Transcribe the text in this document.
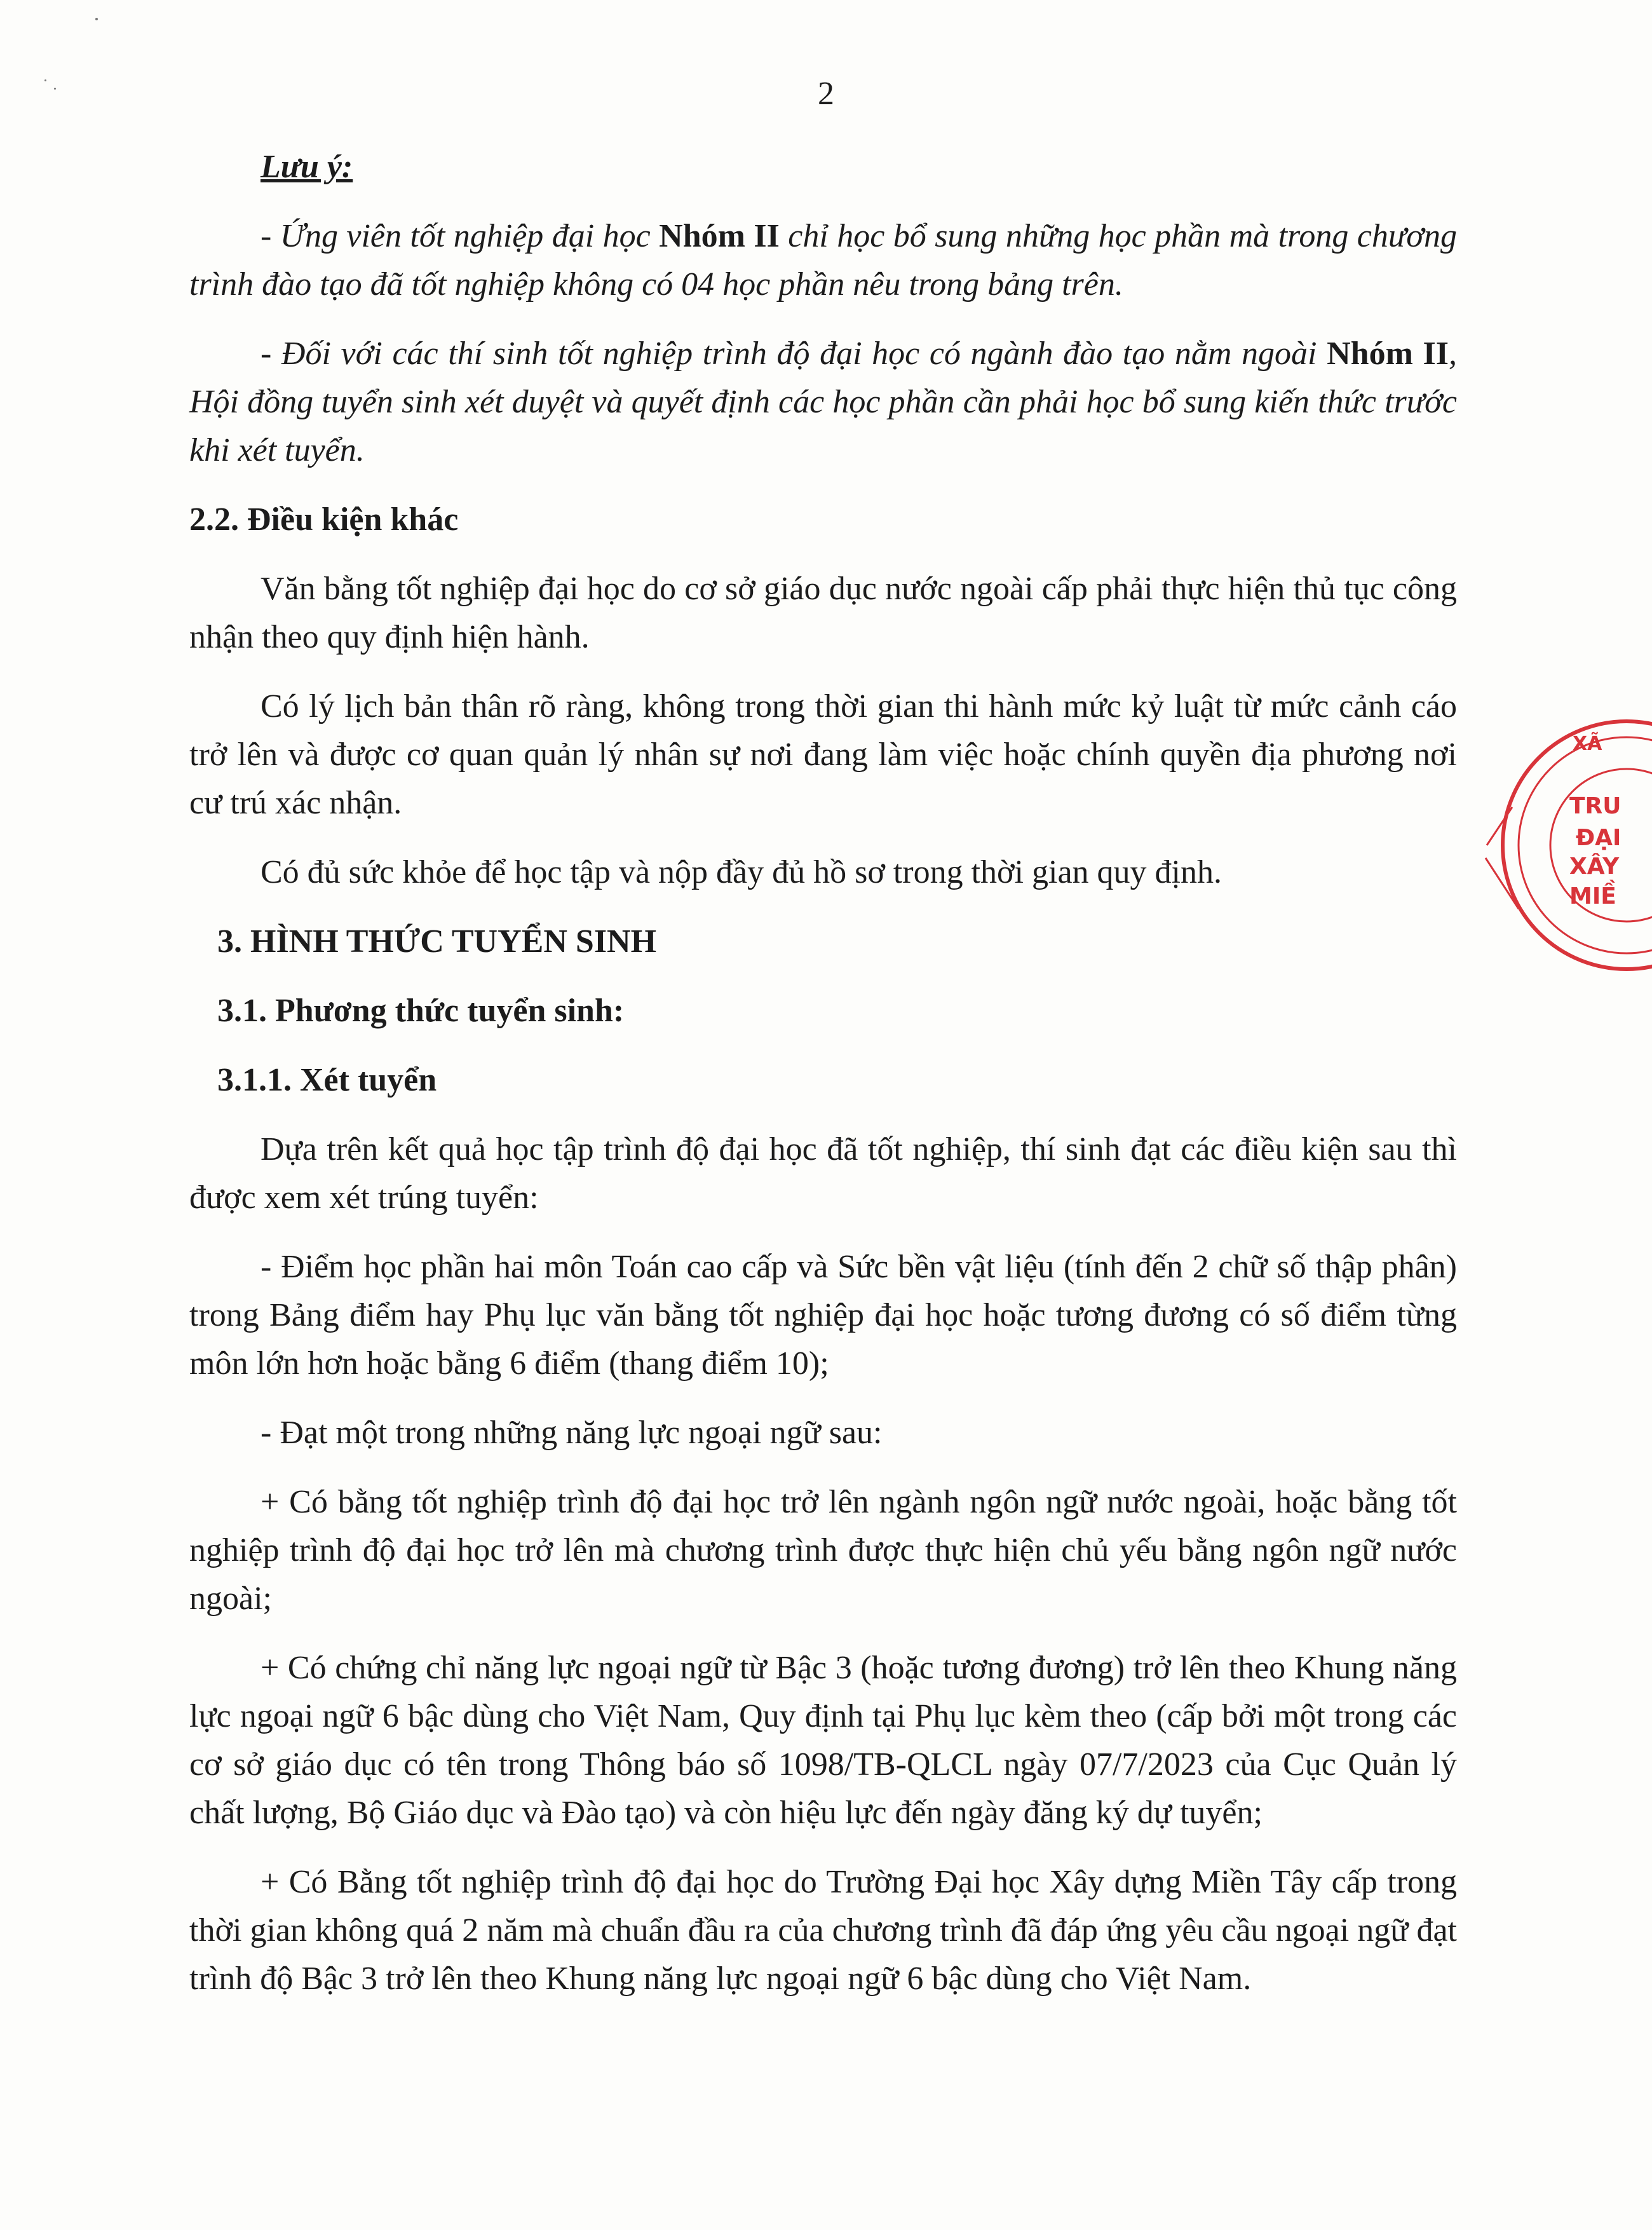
2

Lưu ý:

- Ứng viên tốt nghiệp đại học Nhóm II chỉ học bổ sung những học phần mà trong chương trình đào tạo đã tốt nghiệp không có 04 học phần nêu trong bảng trên.

- Đối với các thí sinh tốt nghiệp trình độ đại học có ngành đào tạo nằm ngoài Nhóm II, Hội đồng tuyển sinh xét duyệt và quyết định các học phần cần phải học bổ sung kiến thức trước khi xét tuyển.

2.2. Điều kiện khác

Văn bằng tốt nghiệp đại học do cơ sở giáo dục nước ngoài cấp phải thực hiện thủ tục công nhận theo quy định hiện hành.

Có lý lịch bản thân rõ ràng, không trong thời gian thi hành mức kỷ luật từ mức cảnh cáo trở lên và được cơ quan quản lý nhân sự nơi đang làm việc hoặc chính quyền địa phương nơi cư trú xác nhận.

Có đủ sức khỏe để học tập và nộp đầy đủ hồ sơ trong thời gian quy định.

3. HÌNH THỨC TUYỂN SINH

3.1. Phương thức tuyển sinh:

3.1.1. Xét tuyển

Dựa trên kết quả học tập trình độ đại học đã tốt nghiệp, thí sinh đạt các điều kiện sau thì được xem xét trúng tuyển:

- Điểm học phần hai môn Toán cao cấp và Sức bền vật liệu (tính đến 2 chữ số thập phân) trong Bảng điểm hay Phụ lục văn bằng tốt nghiệp đại học hoặc tương đương có số điểm từng môn lớn hơn hoặc bằng 6 điểm (thang điểm 10);

- Đạt một trong những năng lực ngoại ngữ sau:

+ Có bằng tốt nghiệp trình độ đại học trở lên ngành ngôn ngữ nước ngoài, hoặc bằng tốt nghiệp trình độ đại học trở lên mà chương trình được thực hiện chủ yếu bằng ngôn ngữ nước ngoài;

+ Có chứng chỉ năng lực ngoại ngữ từ Bậc 3 (hoặc tương đương) trở lên theo Khung năng lực ngoại ngữ 6 bậc dùng cho Việt Nam, Quy định tại Phụ lục kèm theo (cấp bởi một trong các cơ sở giáo dục có tên trong Thông báo số 1098/TB-QLCL ngày 07/7/2023 của Cục Quản lý chất lượng, Bộ Giáo dục và Đào tạo) và còn hiệu lực đến ngày đăng ký dự tuyển;

+ Có Bằng tốt nghiệp trình độ đại học do Trường Đại học Xây dựng Miền Tây cấp trong thời gian không quá 2 năm mà chuẩn đầu ra của chương trình đã đáp ứng yêu cầu ngoại ngữ đạt trình độ Bậc 3 trở lên theo Khung năng lực ngoại ngữ 6 bậc dùng cho Việt Nam.

XÃ
TRU
ĐẠI
XÂY
MIỀ
